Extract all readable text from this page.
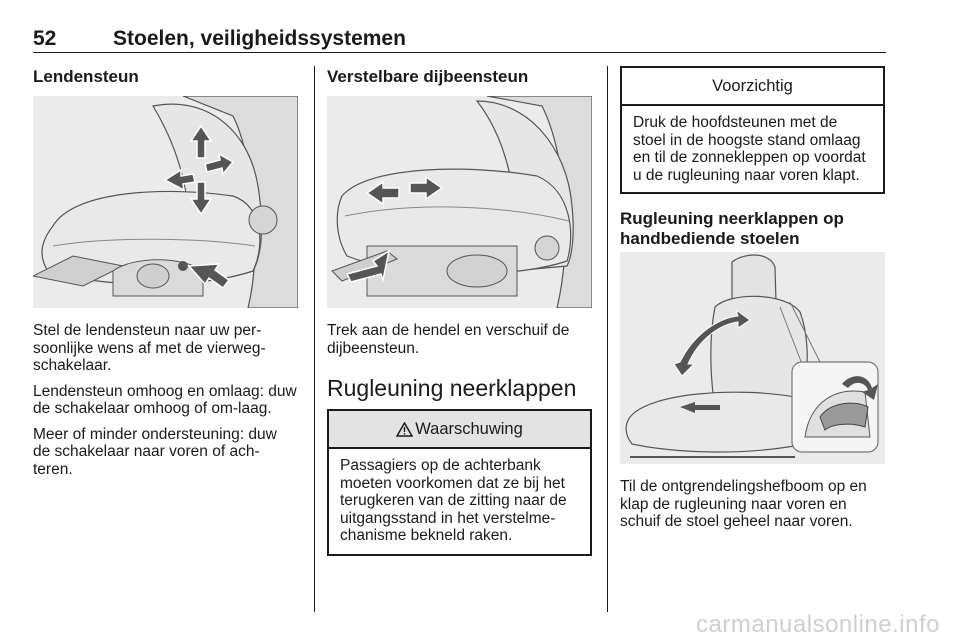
52	Stoelen, veiligheidssystemen
Lendensteun

Stel de lendensteun naar uw per-soonlijke wens af met de vierweg-schakelaar.

Lendensteun omhoog en omlaag: duw de schakelaar omhoog of om-laag.

Meer of minder ondersteuning: duw de schakelaar naar voren of ach-teren.

Verstelbare dijbeensteun
Trek aan de hendel en verschuif de dijbeensteun.
Rugleuning neerklappen
Waarschuwing
Passagiers op de achterbank moeten voorkomen dat ze bij het terugkeren van de zitting naar de uitgangsstand in het verstelme-chanisme bekneld raken.
Voorzichtig
Druk de hoofdsteunen met de stoel in de hoogste stand omlaag en til de zonnekleppen op voordat u de rugleuning naar voren klapt.
Rugleuning neerklappen op handbediende stoelen
Til de ontgrendelingshefboom op en klap de rugleuning naar voren en schuif de stoel geheel naar voren.
carmanualsonline.info
